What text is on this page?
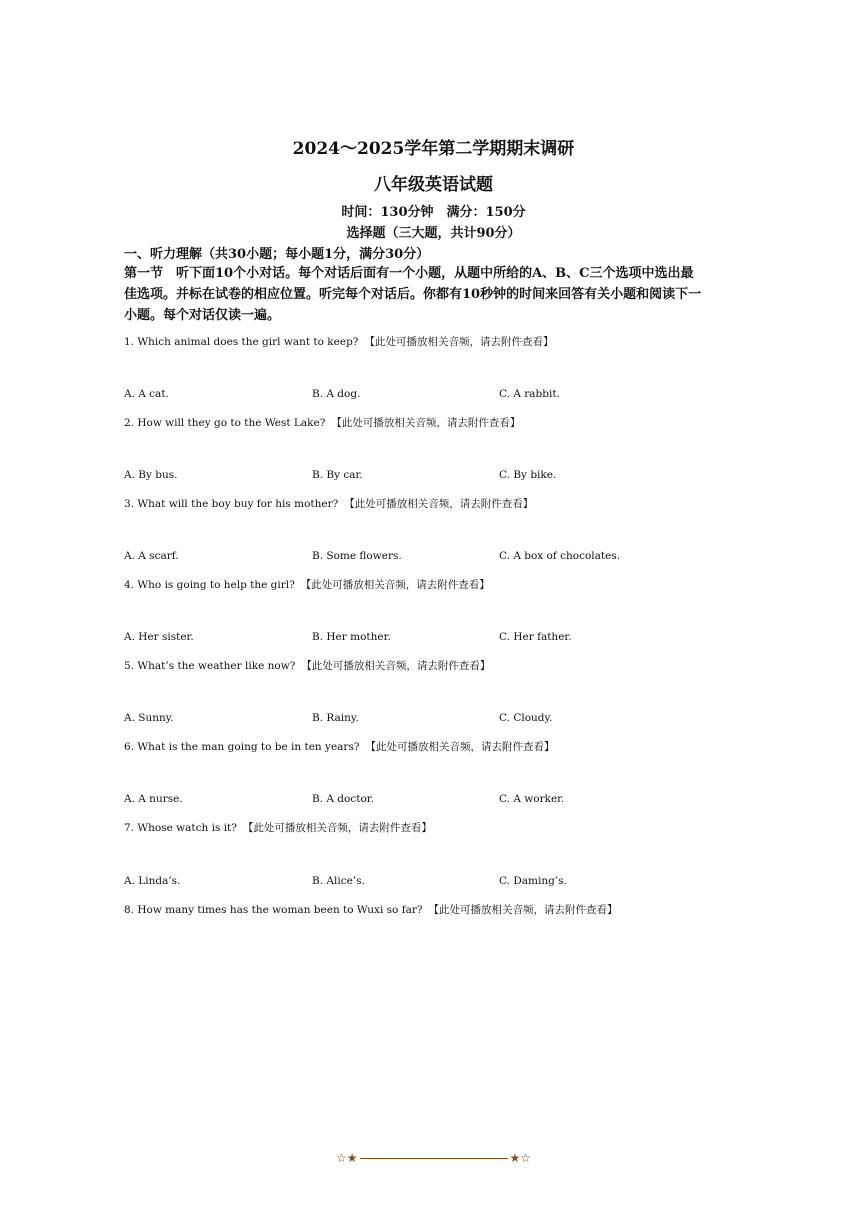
2024～2025学年第二学期期末调研
八年级英语试题
时间：130分钟　满分：150分
选择题（三大题，共计90分）
一、听力理解（共30小题；每小题1分，满分30分）
第一节　听下面10个小对话。每个对话后面有一个小题，从题中所给的A、B、C三个选项中选出最佳选项。并标在试卷的相应位置。听完每个对话后。你都有10秒钟的时间来回答有关小题和阅读下一小题。每个对话仅读一遍。
1. Which animal does the girl want to keep? 【此处可播放相关音频，请去附件查看】
A. A cat.	B. A dog.	C. A rabbit.
2. How will they go to the West Lake? 【此处可播放相关音频，请去附件查看】
A. By bus.	B. By car.	C. By bike.
3. What will the boy buy for his mother? 【此处可播放相关音频，请去附件查看】
A. A scarf.	B. Some flowers.	C. A box of chocolates.
4. Who is going to help the girl? 【此处可播放相关音频，请去附件查看】
A. Her sister.	B. Her mother.	C. Her father.
5. What’s the weather like now? 【此处可播放相关音频，请去附件查看】
A. Sunny.	B. Rainy.	C. Cloudy.
6. What is the man going to be in ten years? 【此处可播放相关音频，请去附件查看】
A. A nurse.	B. A doctor.	C. A worker.
7. Whose watch is it? 【此处可播放相关音频，请去附件查看】
A. Linda’s.	B. Alice’s.	C. Daming’s.
8. How many times has the woman been to Wuxi so far? 【此处可播放相关音频，请去附件查看】
☆★	★☆
